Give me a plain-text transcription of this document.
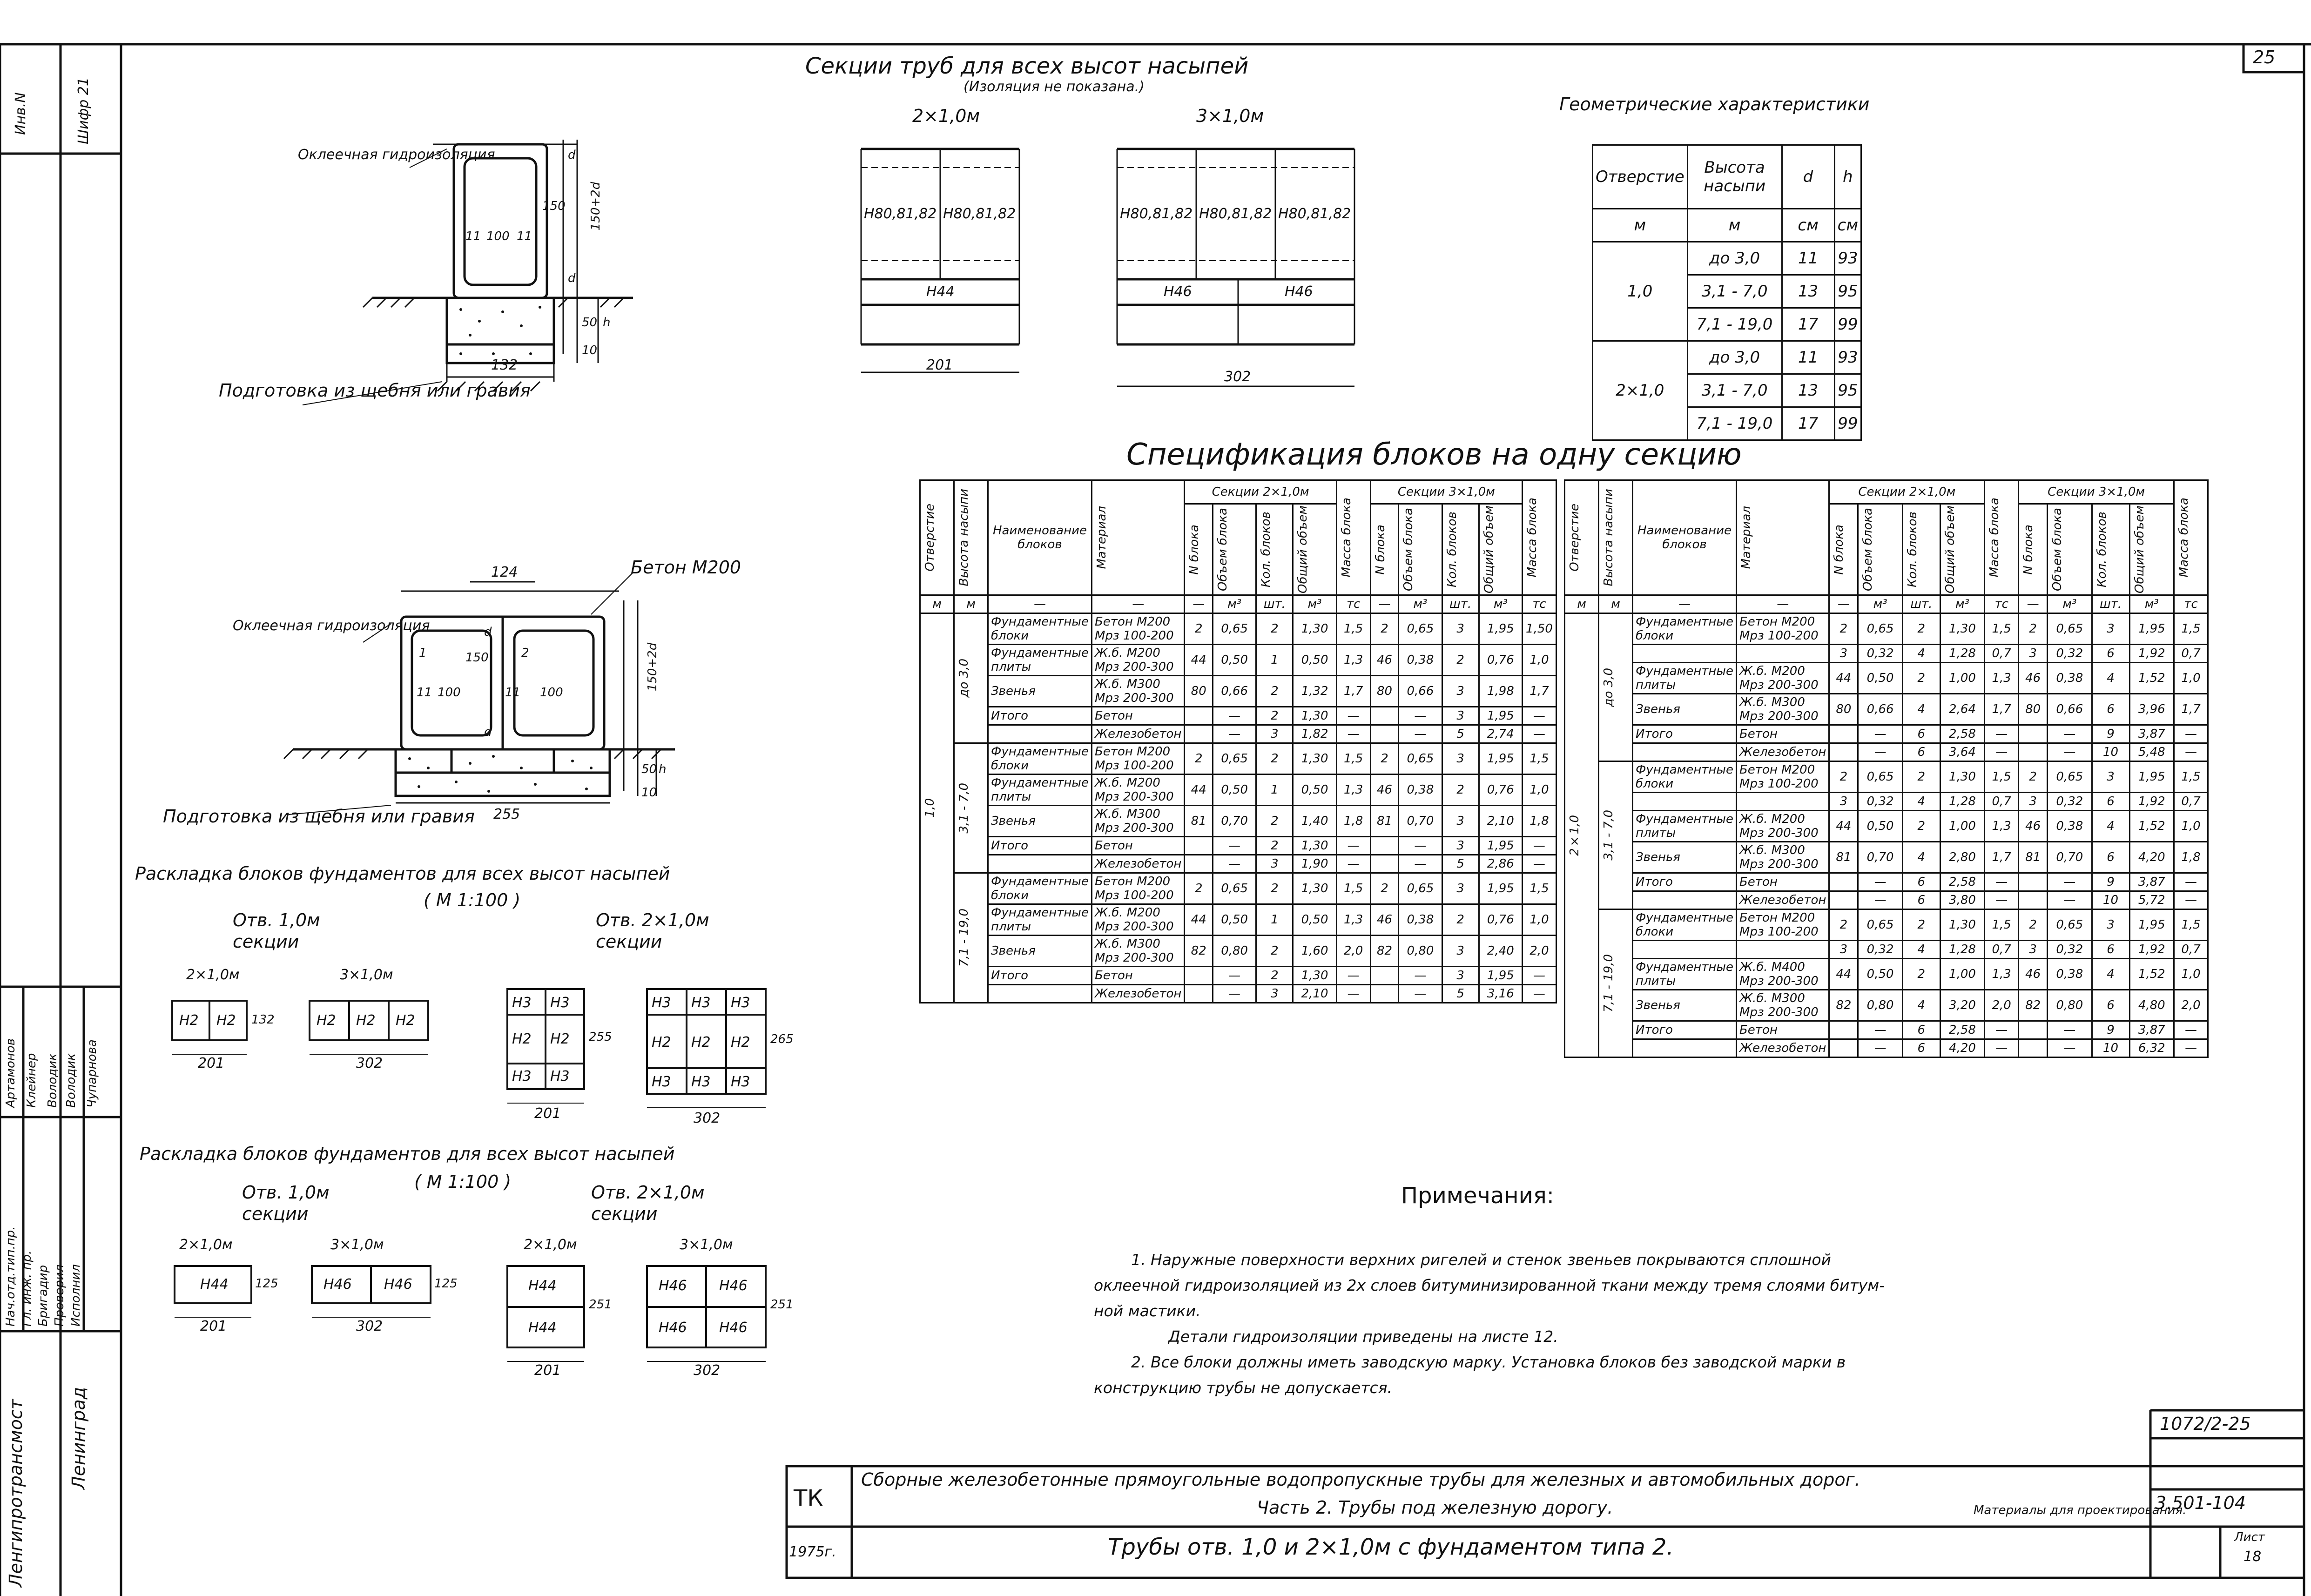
25
Инв.N	Шифр 21
Нач.отд.тип.пр. Гл. инж. пр. Бригадир Проверил Исполнил
Артамонов Клейнер Володик Володик Чупарнова
Ленгипротрансмост Ленинград
Оклеечная гидроизоляция
Подготовка из щебня или гравия
11 100 11
150 150+2d
d
d
50 h
10
132
Бетон М200
Оклеечная гидроизоляция
Подготовка из щебня или гравия
124
11 100	11 100
150	150+2d
d
d
50 h
10
1	2
255
Секции труб для всех высот насыпей
(Изоляция не показана.)
2×1,0м
Н80,81,82 Н80,81,82
Н44
201
3×1,0м
Н80,81,82 Н80,81,82 Н80,81,82
Н46	Н46
302
Геометрические характеристики
Отверстие	Высота насыпи	d	h
м	м	см	см
1,0	до 3,0	11	93
	3,1 - 7,0	13	95
	7,1 - 19,0	17	99
2×1,0	до 3,0	11	93
	3,1 - 7,0	13	95
	7,1 - 19,0	17	99
Спецификация блоков на одну секцию
Отверстие	Высота насыпи	Наименование блоков	Материал	Секции 2×1,0м				Масса блока	Секции 3×1,0м				Масса блока

				N блока	Объем блока	Кол. блоков	Общий объем		N блока	Объем блока	Кол. блоков	Общий объем	

м	м	—	—	—	м³	шт.	м³	тс	—	м³	шт.	м³	тс

1,0	до 3,0	Фундаментные блоки	Бетон М200 Мрз 100-200	2	0,65	2	1,30	1,5	2	0,65	3	1,95	1,50
		Фундаментные плиты	Ж.б. М200 Мрз 200-300	44	0,50	1	0,50	1,3	46	0,38	2	0,76	1,0
		Звенья	Ж.б. М300 Мрз 200-300	80	0,66	2	1,32	1,7	80	0,66	3	1,98	1,7
		Итого	Бетон		—	2	1,30	—		—	3	1,95	—
			Железобетон		—	3	1,82	—		—	5	2,74	—

	3,1 - 7,0	Фундаментные блоки	Бетон М200 Мрз 100-200	2	0,65	2	1,30	1,5	2	0,65	3	1,95	1,5
		Фундаментные плиты	Ж.б. М200 Мрз 200-300	44	0,50	1	0,50	1,3	46	0,38	2	0,76	1,0
		Звенья	Ж.б. М300 Мрз 200-300	81	0,70	2	1,40	1,8	81	0,70	3	2,10	1,8
		Итого	Бетон		—	2	1,30	—		—	3	1,95	—
			Железобетон		—	3	1,90	—		—	5	2,86	—

	7,1 - 19,0	Фундаментные блоки	Бетон М200 Мрз 100-200	2	0,65	2	1,30	1,5	2	0,65	3	1,95	1,5
		Фундаментные плиты	Ж.б. М200 Мрз 200-300	44	0,50	1	0,50	1,3	46	0,38	2	0,76	1,0
		Звенья	Ж.б. М300 Мрз 200-300	82	0,80	2	1,60	2,0	82	0,80	3	2,40	2,0
		Итого	Бетон		—	2	1,30	—		—	3	1,95	—
			Железобетон		—	3	2,10	—		—	5	3,16	—
Отверстие	Высота насыпи	Наименование блоков	Материал	Секции 2×1,0м				Масса блока	Секции 3×1,0м				Масса блока

				N блока	Объем блока	Кол. блоков	Общий объем		N блока	Объем блока	Кол. блоков	Общий объем	

м	м	—	—	—	м³	шт.	м³	тс	—	м³	шт.	м³	тс

2×1,0	до 3,0	Фундаментные блоки	Бетон М200 Мрз 100-200	2	0,65	2	1,30	1,5	2	0,65	3	1,95	1,5
				3	0,32	4	1,28	0,7	3	0,32	6	1,92	0,7
		Фундаментные плиты	Ж.б. М200 Мрз 200-300	44	0,50	2	1,00	1,3	46	0,38	4	1,52	1,0
		Звенья	Ж.б. М300 Мрз 200-300	80	0,66	4	2,64	1,7	80	0,66	6	3,96	1,7
		Итого	Бетон		—	6	2,58	—		—	9	3,87	—
			Железобетон		—	6	3,64	—		—	10	5,48	—

	3,1 - 7,0	Фундаментные блоки	Бетон М200 Мрз 100-200	2	0,65	2	1,30	1,5	2	0,65	3	1,95	1,5
				3	0,32	4	1,28	0,7	3	0,32	6	1,92	0,7
		Фундаментные плиты	Ж.б. М200 Мрз 200-300	44	0,50	2	1,00	1,3	46	0,38	4	1,52	1,0
		Звенья	Ж.б. М300 Мрз 200-300	81	0,70	4	2,80	1,7	81	0,70	6	4,20	1,8
		Итого	Бетон		—	6	2,58	—		—	9	3,87	—
			Железобетон		—	6	3,80	—		—	10	5,72	—

	7,1 - 19,0	Фундаментные блоки	Бетон М200 Мрз 100-200	2	0,65	2	1,30	1,5	2	0,65	3	1,95	1,5
				3	0,32	4	1,28	0,7	3	0,32	6	1,92	0,7
		Фундаментные плиты	Ж.б. М400 Мрз 200-300	44	0,50	2	1,00	1,3	46	0,38	4	1,52	1,0
		Звенья	Ж.б. М300 Мрз 200-300	82	0,80	4	3,20	2,0	82	0,80	6	4,80	2,0
		Итого	Бетон		—	6	2,58	—		—	9	3,87	—
			Железобетон		—	6	4,20	—		—	10	6,32	—
Раскладка блоков фундаментов для всех высот насыпей
( М 1:100 )
Отв. 1,0м секции
Отв. 2×1,0м секции
2×1,0м	3×1,0м
Н2 Н2	Н2 Н2 Н2
Н3 Н3
Н2 Н2
Н3 Н3
Н3 Н3 Н3
Н2 Н2 Н2
Н3 Н3 Н3
132
201	302
255
201
265
302
Раскладка блоков фундаментов для всех высот насыпей
( М 1:100 )
Отв. 1,0м секции
Отв. 2×1,0м секции
2×1,0м	3×1,0м	2×1,0м	3×1,0м
Н44	Н46 Н46	Н44
Н44
Н46 Н46
Н46 Н46
125
201
125
302
251
201
251
302
Примечания:
1. Наружные поверхности верхних ригелей и стенок звеньев покрываются сплошной
оклеечной гидроизоляцией из 2х слоев битуминизированной ткани между тремя слоями битум-
ной мастики.
Детали гидроизоляции приведены на листе 12.
2. Все блоки должны иметь заводскую марку. Установка блоков без заводской марки в
конструкцию трубы не допускается.
ТК
1975г.
Сборные железобетонные прямоугольные водопропускные трубы для железных и автомобильных дорог.
Часть 2. Трубы под железную дорогу.	Материалы для проектирования.
Трубы отв. 1,0 и 2×1,0м с фундаментом типа 2.
1072/2-25
3.501-104
Лист
18
